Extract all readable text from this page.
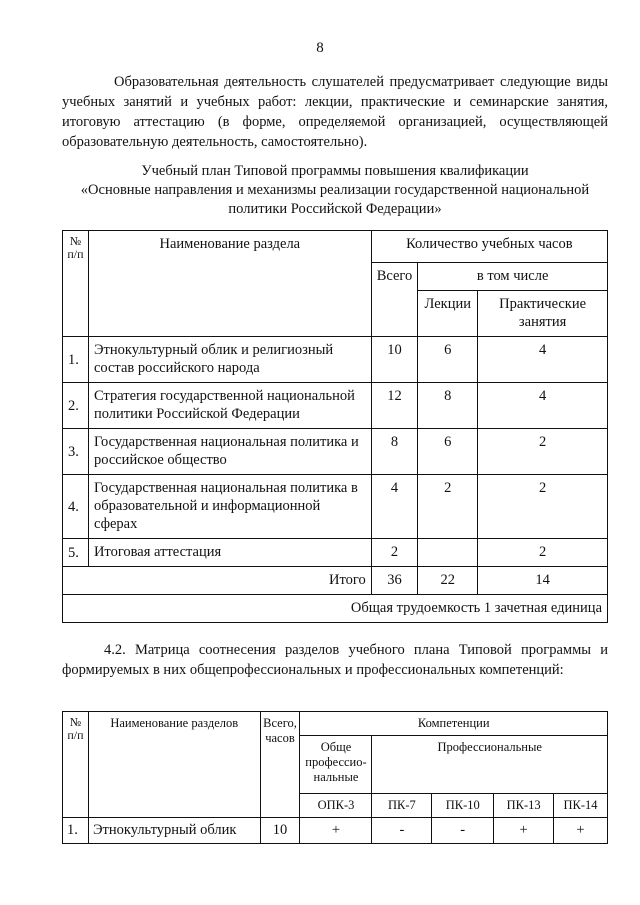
8
Образовательная деятельность слушателей предусматривает следующие виды учебных занятий и учебных работ: лекции, практические и семинарские занятия, итоговую аттестацию (в форме, определяемой организацией, осуществляющей образовательную деятельность, самостоятельно).
Учебный план Типовой программы повышения квалификации
«Основные направления и механизмы реализации государственной национальной
политики Российской Федерации»
№ п/п	Наименование раздела	Количество учебных часов		
		Всего	в том числе	
			Лекции	Практические занятия
1.	Этнокультурный облик и религиозный состав российского народа	10	6	4
2.	Стратегия государственной национальной политики Российской Федерации	12	8	4
3.	Государственная национальная политика и российское общество	8	6	2
4.	Государственная национальная политика в образовательной и информационной сферах	4	2	2
5.	Итоговая аттестация	2		2
Итого		36	22	14
Общая трудоемкость 1 зачетная единица				
4.2. Матрица соотнесения разделов учебного плана Типовой программы и формируемых в них общепрофессиональных и профессиональных компетенций:
№ п/п	Наименование разделов	Всего, часов	Компетенции				
			Обще профессио- нальные	Профессиональные			
			ОПК-3	ПК-7	ПК-10	ПК-13	ПК-14
1.	Этнокультурный облик	10	+	-	-	+	+
